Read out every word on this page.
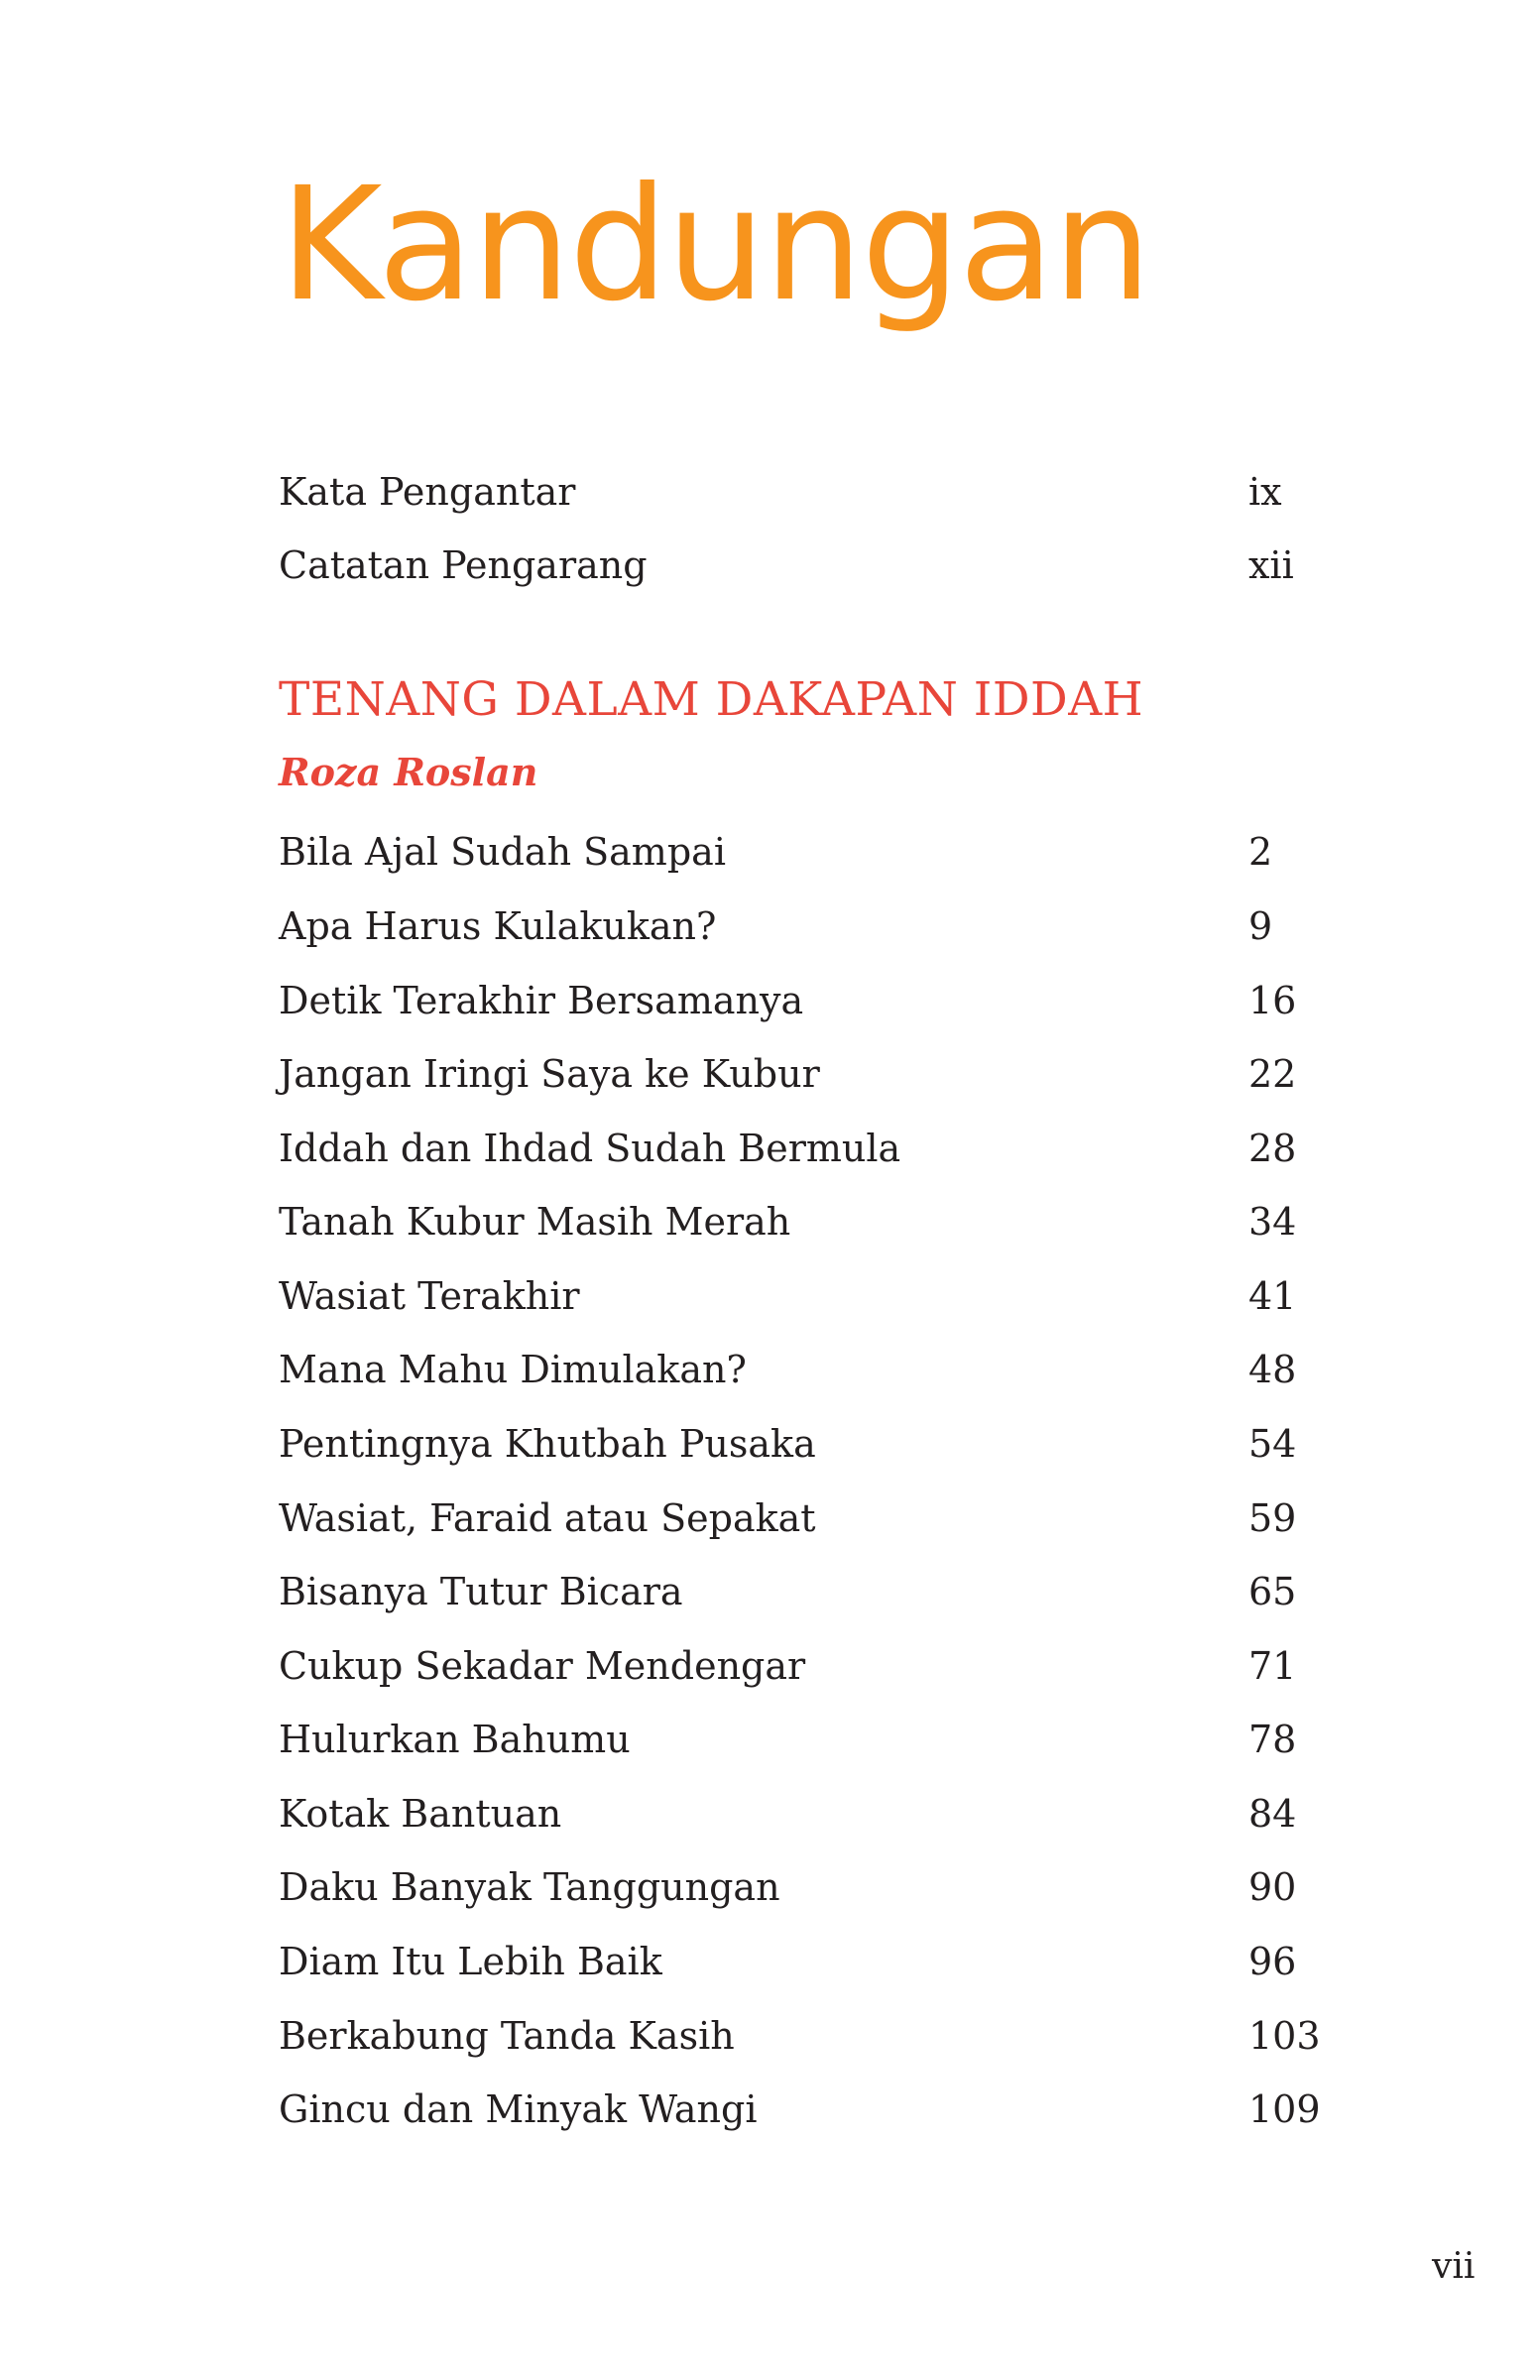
Kandungan
Kata Pengantar	ix
Catatan Pengarang	xii
TENANG DALAM DAKAPAN IDDAH
Roza Roslan
Bila Ajal Sudah Sampai	2
Apa Harus Kulakukan?	9
Detik Terakhir Bersamanya	16
Jangan Iringi Saya ke Kubur	22
Iddah dan Ihdad Sudah Bermula	28
Tanah Kubur Masih Merah	34
Wasiat Terakhir	41
Mana Mahu Dimulakan?	48
Pentingnya Khutbah Pusaka	54
Wasiat, Faraid atau Sepakat	59
Bisanya Tutur Bicara	65
Cukup Sekadar Mendengar	71
Hulurkan Bahumu	78
Kotak Bantuan	84
Daku Banyak Tanggungan	90
Diam Itu Lebih Baik	96
Berkabung Tanda Kasih	103
Gincu dan Minyak Wangi	109
vii
